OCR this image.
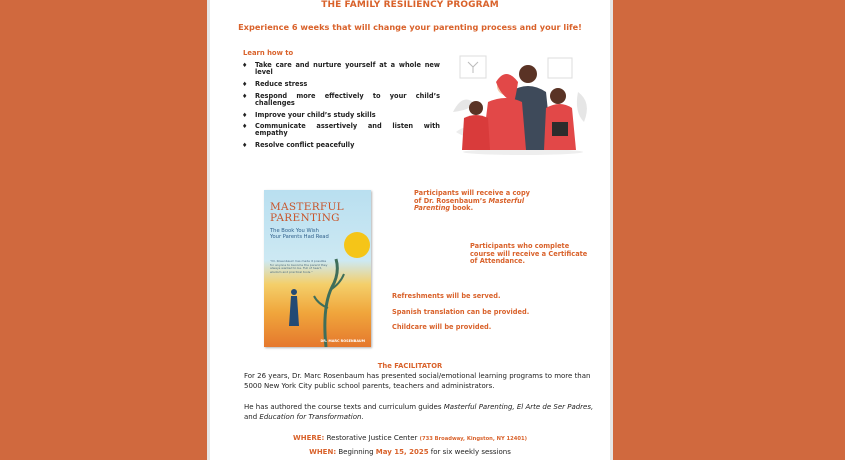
THE FAMILY RESILIENCY PROGRAM
Experience 6 weeks that will change your parenting process and your life!
Learn how to
♦ Take care and nurture yourself at a whole new level
♦ Reduce stress
♦ Respond more effectively to your child’s challenges
♦ Improve your child’s study skills
♦ Communicate assertively and listen with empathy
♦ Resolve conflict peacefully
MASTERFUL
PARENTING
The Book You Wish
Your Parents Had Read
“Dr. Rosenbaum has made it possible for anyone to become the parent they always wanted to be. Full of heart, wisdom and practical tools.”
DR. MARC ROSENBAUM
Participants will receive a copy
of Dr. Rosenbaum’s Masterful
Parenting book.
Participants who complete
course will receive a Certificate
of Attendance.
Refreshments will be served.
Spanish translation can be provided.
Childcare will be provided.
The FACILITATOR
For 26 years, Dr. Marc Rosenbaum has presented social/emotional learning programs to more than 5000 New York City public school parents, teachers and administrators.
He has authored the course texts and curriculum guides Masterful Parenting, El Arte de Ser Padres, and Education for Transformation.
WHERE: Restorative Justice Center (733 Broadway, Kingston, NY 12401)
WHEN: Beginning May 15, 2025 for six weekly sessions
